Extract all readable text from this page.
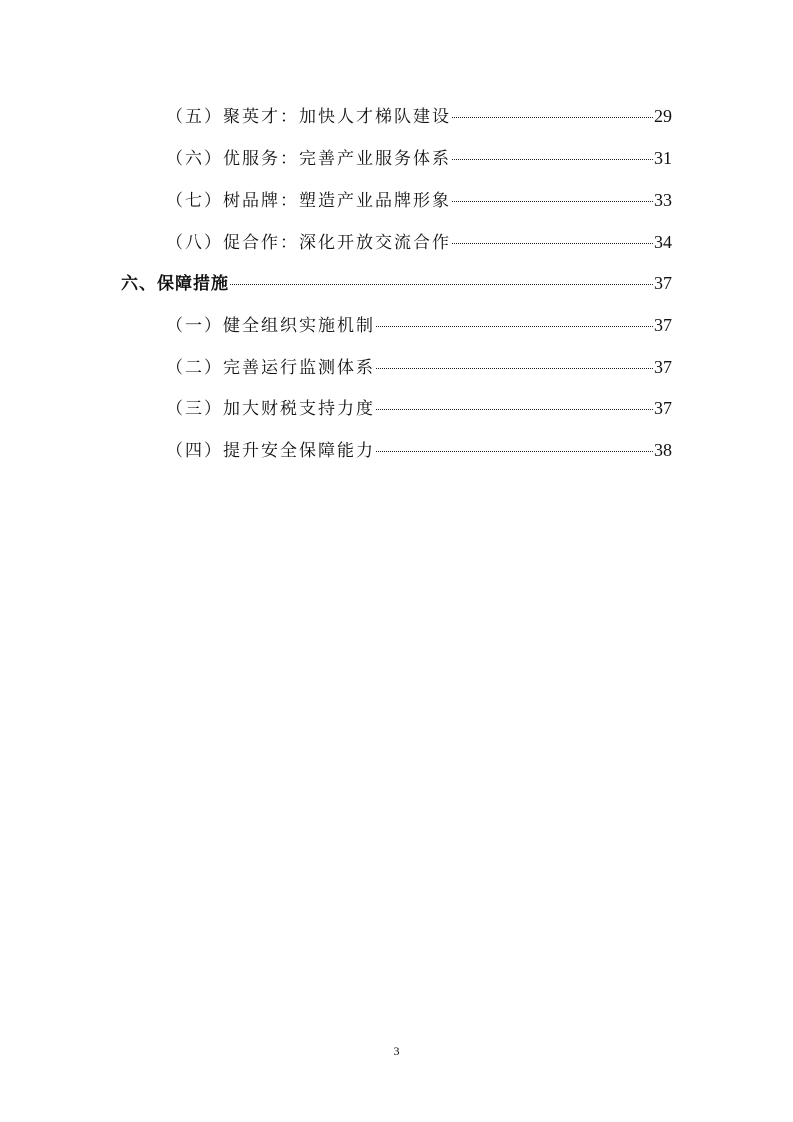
（五）聚英才：加快人才梯队建设	29
（六）优服务：完善产业服务体系	31
（七）树品牌：塑造产业品牌形象	33
（八）促合作：深化开放交流合作	34
六、保障措施	37
（一）健全组织实施机制	37
（二）完善运行监测体系	37
（三）加大财税支持力度	37
（四）提升安全保障能力	38
3
